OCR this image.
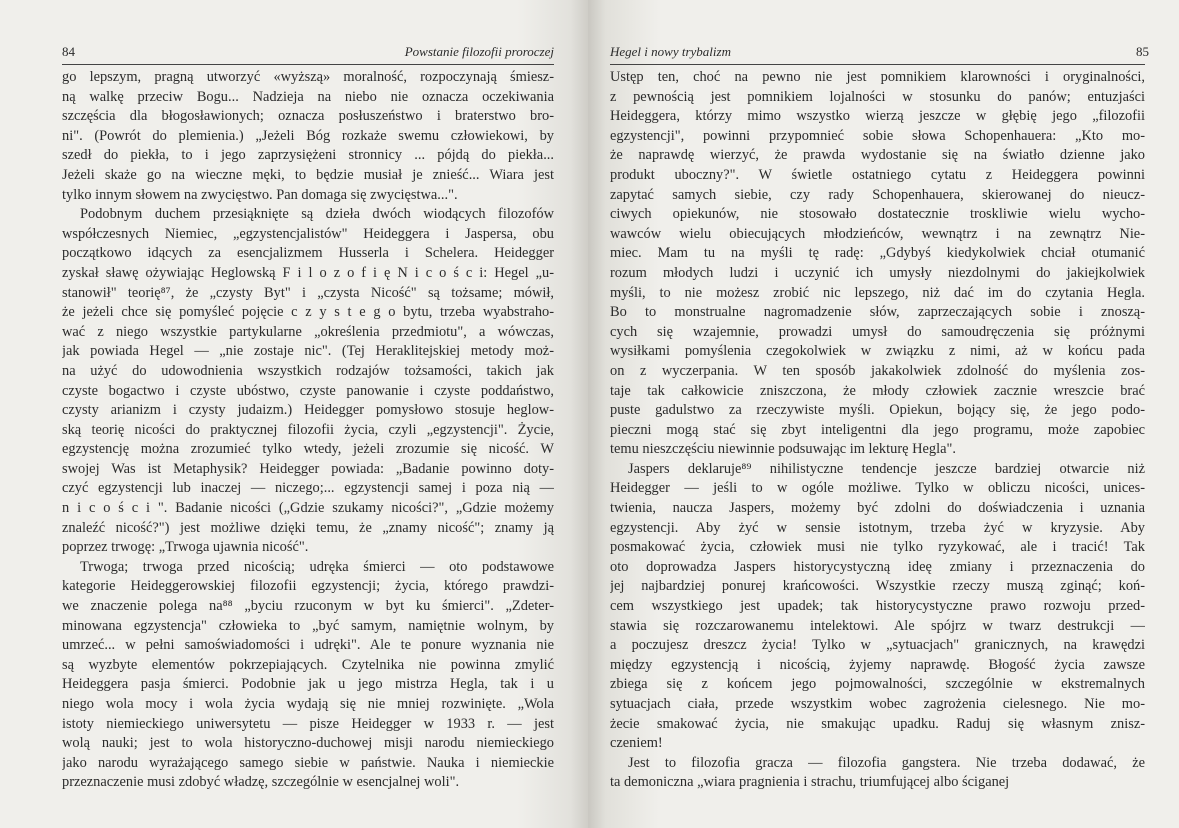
84	Powstanie filozofii proroczej
go lepszym, pragną utworzyć «wyższą» moralność, rozpoczynają śmiesz-
ną walkę przeciw Bogu... Nadzieja na niebo nie oznacza oczekiwania
szczęścia dla błogosławionych; oznacza posłuszeństwo i braterstwo bro-
ni". (Powrót do plemienia.) „Jeżeli Bóg rozkaże swemu człowiekowi, by
szedł do piekła, to i jego zaprzysiężeni stronnicy ... pójdą do piekła...
Jeżeli skaże go na wieczne męki, to będzie musiał je znieść... Wiara jest
tylko innym słowem na zwycięstwo. Pan domaga się zwycięstwa...".
Podobnym duchem przesiąknięte są dzieła dwóch wiodących filozofów
współczesnych Niemiec, „egzystencjalistów" Heideggera i Jaspersa, obu
początkowo idących za esencjalizmem Husserla i Schelera. Heidegger
zyskał sławę ożywiając Heglowską F i l o z o f i ę N i c o ś c i: Hegel „u-
stanowił" teorię⁸⁷, że „czysty Byt" i „czysta Nicość" są tożsame; mówił,
że jeżeli chce się pomyśleć pojęcie c z y s t e g o bytu, trzeba wyabstraho-
wać z niego wszystkie partykularne „określenia przedmiotu", a wówczas,
jak powiada Hegel — „nie zostaje nic". (Tej Heraklitejskiej metody moż-
na użyć do udowodnienia wszystkich rodzajów tożsamości, takich jak
czyste bogactwo i czyste ubóstwo, czyste panowanie i czyste poddaństwo,
czysty arianizm i czysty judaizm.) Heidegger pomysłowo stosuje heglow-
ską teorię nicości do praktycznej filozofii życia, czyli „egzystencji". Życie,
egzystencję można zrozumieć tylko wtedy, jeżeli zrozumie się nicość. W
swojej Was ist Metaphysik? Heidegger powiada: „Badanie powinno doty-
czyć egzystencji lub inaczej — niczego;... egzystencji samej i poza nią —
n i c o ś c i ". Badanie nicości („Gdzie szukamy nicości?", „Gdzie możemy
znaleźć nicość?") jest możliwe dzięki temu, że „znamy nicość"; znamy ją
poprzez trwogę: „Trwoga ujawnia nicość".
Trwoga; trwoga przed nicością; udręka śmierci — oto podstawowe
kategorie Heideggerowskiej filozofii egzystencji; życia, którego prawdzi-
we znaczenie polega na⁸⁸ „byciu rzuconym w byt ku śmierci". „Zdeter-
minowana egzystencja" człowieka to „być samym, namiętnie wolnym, by
umrzeć... w pełni samoświadomości i udręki". Ale te ponure wyznania nie
są wyzbyte elementów pokrzepiających. Czytelnika nie powinna zmylić
Heideggera pasja śmierci. Podobnie jak u jego mistrza Hegla, tak i u
niego wola mocy i wola życia wydają się nie mniej rozwinięte. „Wola
istoty niemieckiego uniwersytetu — pisze Heidegger w 1933 r. — jest
wolą nauki; jest to wola historyczno-duchowej misji narodu niemieckiego
jako narodu wyrażającego samego siebie w państwie. Nauka i niemieckie
przeznaczenie musi zdobyć władzę, szczególnie w esencjalnej woli".
Hegel i nowy trybalizm	85
Ustęp ten, choć na pewno nie jest pomnikiem klarowności i oryginalności,
z pewnością jest pomnikiem lojalności w stosunku do panów; entuzjaści
Heideggera, którzy mimo wszystko wierzą jeszcze w głębię jego „filozofii
egzystencji", powinni przypomnieć sobie słowa Schopenhauera: „Kto mo-
że naprawdę wierzyć, że prawda wydostanie się na światło dzienne jako
produkt uboczny?". W świetle ostatniego cytatu z Heideggera powinni
zapytać samych siebie, czy rady Schopenhauera, skierowanej do nieucz-
ciwych opiekunów, nie stosowało dostatecznie troskliwie wielu wycho-
wawców wielu obiecujących młodzieńców, wewnątrz i na zewnątrz Nie-
miec. Mam tu na myśli tę radę: „Gdybyś kiedykolwiek chciał otumanić
rozum młodych ludzi i uczynić ich umysły niezdolnymi do jakiejkolwiek
myśli, to nie możesz zrobić nic lepszego, niż dać im do czytania Hegla.
Bo to monstrualne nagromadzenie słów, zaprzeczających sobie i znoszą-
cych się wzajemnie, prowadzi umysł do samoudręczenia się próżnymi
wysiłkami pomyślenia czegokolwiek w związku z nimi, aż w końcu pada
on z wyczerpania. W ten sposób jakakolwiek zdolność do myślenia zos-
taje tak całkowicie zniszczona, że młody człowiek zacznie wreszcie brać
puste gadulstwo za rzeczywiste myśli. Opiekun, bojący się, że jego podo-
pieczni mogą stać się zbyt inteligentni dla jego programu, może zapobiec
temu nieszczęściu niewinnie podsuwając im lekturę Hegla".
Jaspers deklaruje⁸⁹ nihilistyczne tendencje jeszcze bardziej otwarcie niż
Heidegger — jeśli to w ogóle możliwe. Tylko w obliczu nicości, unices-
twienia, naucza Jaspers, możemy być zdolni do doświadczenia i uznania
egzystencji. Aby żyć w sensie istotnym, trzeba żyć w kryzysie. Aby
posmakować życia, człowiek musi nie tylko ryzykować, ale i tracić! Tak
oto doprowadza Jaspers historycystyczną ideę zmiany i przeznaczenia do
jej najbardziej ponurej krańcowości. Wszystkie rzeczy muszą zginąć; koń-
cem wszystkiego jest upadek; tak historycystyczne prawo rozwoju przed-
stawia się rozczarowanemu intelektowi. Ale spójrz w twarz destrukcji —
a poczujesz dreszcz życia! Tylko w „sytuacjach" granicznych, na krawędzi
między egzystencją i nicością, żyjemy naprawdę. Błogość życia zawsze
zbiega się z końcem jego pojmowalności, szczególnie w ekstremalnych
sytuacjach ciała, przede wszystkim wobec zagrożenia cielesnego. Nie mo-
żecie smakować życia, nie smakując upadku. Raduj się własnym znisz-
czeniem!
Jest to filozofia gracza — filozofia gangstera. Nie trzeba dodawać, że
ta demoniczna „wiara pragnienia i strachu, triumfującej albo ściganej
